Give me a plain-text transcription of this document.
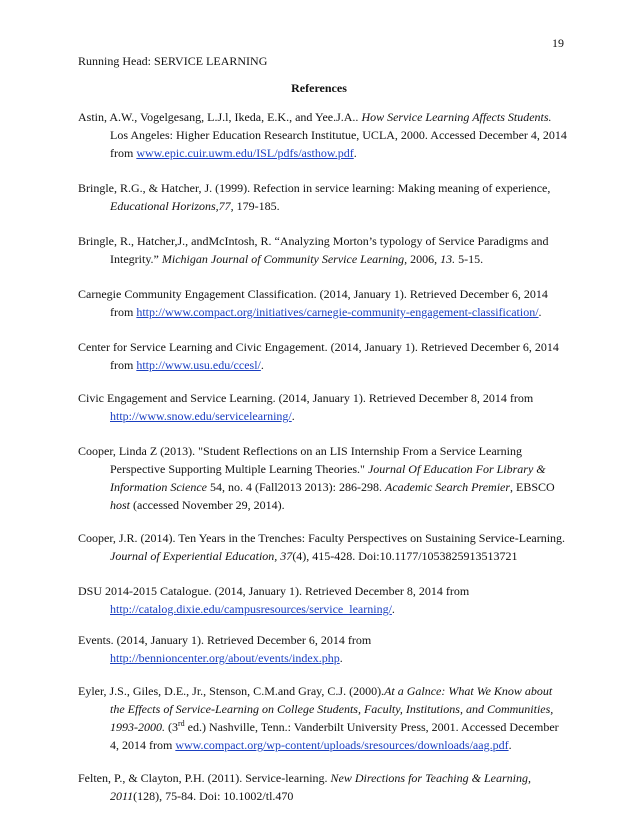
19
Running Head: SERVICE LEARNING
References

Astin, A.W., Vogelgesang, L.J.l, Ikeda, E.K., and Yee.J.A.. How Service Learning Affects Students. Los Angeles: Higher Education Research Institutue, UCLA, 2000. Accessed December 4, 2014 from www.epic.cuir.uwm.edu/ISL/pdfs/asthow.pdf.

Bringle, R.G., & Hatcher, J. (1999). Refection in service learning: Making meaning of experience, Educational Horizons,77, 179-185.

Bringle, R., Hatcher,J., andMcIntosh, R. “Analyzing Morton’s typology of Service Paradigms and Integrity.” Michigan Journal of Community Service Learning, 2006, 13. 5-15.

Carnegie Community Engagement Classification. (2014, January 1). Retrieved December 6, 2014 from http://www.compact.org/initiatives/carnegie-community-engagement-classification/.

Center for Service Learning and Civic Engagement. (2014, January 1). Retrieved December 6, 2014 from http://www.usu.edu/ccesl/.

Civic Engagement and Service Learning. (2014, January 1). Retrieved December 8, 2014 from http://www.snow.edu/servicelearning/.

Cooper, Linda Z (2013). "Student Reflections on an LIS Internship From a Service Learning Perspective Supporting Multiple Learning Theories." Journal Of Education For Library & Information Science 54, no. 4 (Fall2013 2013): 286-298. Academic Search Premier, EBSCO host (accessed November 29, 2014).

Cooper, J.R. (2014). Ten Years in the Trenches: Faculty Perspectives on Sustaining Service-Learning. Journal of Experiential Education, 37(4), 415-428. Doi:10.1177/1053825913513721

DSU 2014-2015 Catalogue. (2014, January 1). Retrieved December 8, 2014 from http://catalog.dixie.edu/campusresources/service_learning/.

Events. (2014, January 1). Retrieved December 6, 2014 from http://bennioncenter.org/about/events/index.php.

Eyler, J.S., Giles, D.E., Jr., Stenson, C.M.and Gray, C.J. (2000).At a Galnce: What We Know about the Effects of Service-Learning on College Students, Faculty, Institutions, and Communities, 1993-2000. (3rd ed.) Nashville, Tenn.: Vanderbilt University Press, 2001. Accessed December 4, 2014 from www.compact.org/wp-content/uploads/sresources/downloads/aag.pdf.

Felten, P., & Clayton, P.H. (2011). Service-learning. New Directions for Teaching & Learning, 2011(128), 75-84. Doi: 10.1002/tl.470
